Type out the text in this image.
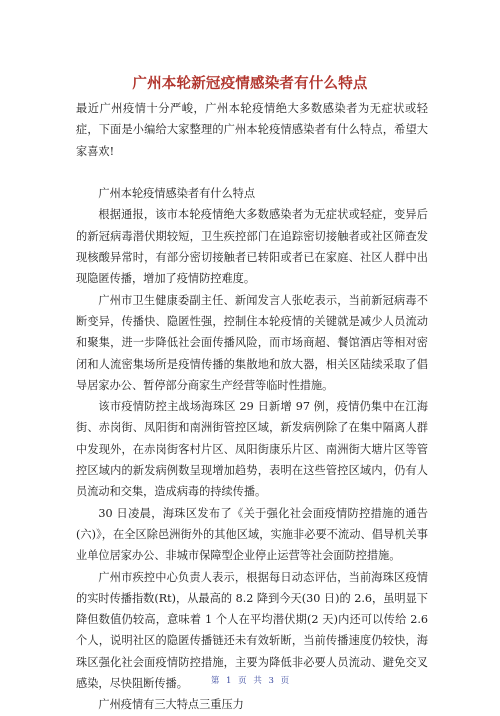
广州本轮新冠疫情感染者有什么特点

最近广州疫情十分严峻，广州本轮疫情绝大多数感染者为无症状或轻症，下面是小编给大家整理的广州本轮疫情感染者有什么特点，希望大家喜欢!

广州本轮疫情感染者有什么特点

根据通报，该市本轮疫情绝大多数感染者为无症状或轻症，变异后的新冠病毒潜伏期较短，卫生疾控部门在追踪密切接触者或社区筛查发现核酸异常时，有部分密切接触者已转阳或者已在家庭、社区人群中出现隐匿传播，增加了疫情防控难度。

广州市卫生健康委副主任、新闻发言人张屹表示，当前新冠病毒不断变异，传播快、隐匿性强，控制住本轮疫情的关键就是减少人员流动和聚集，进一步降低社会面传播风险，而市场商超、餐馆酒店等相对密闭和人流密集场所是疫情传播的集散地和放大器，相关区陆续采取了倡导居家办公、暂停部分商家生产经营等临时性措施。

该市疫情防控主战场海珠区 29 日新增 97 例，疫情仍集中在江海街、赤岗街、凤阳街和南洲街管控区域，新发病例除了在集中隔离人群中发现外，在赤岗街客村片区、凤阳街康乐片区、南洲街大塘片区等管控区域内的新发病例数呈现增加趋势，表明在这些管控区域内，仍有人员流动和交集，造成病毒的持续传播。

30 日凌晨，海珠区发布了《关于强化社会面疫情防控措施的通告(六)》，在全区除邑洲街外的其他区域，实施非必要不流动、倡导机关事业单位居家办公、非城市保障型企业停止运营等社会面防控措施。

广州市疾控中心负责人表示，根据每日动态评估，当前海珠区疫情的实时传播指数(Rt)，从最高的 8.2 降到今天(30 日)的 2.6，虽明显下降但数值仍较高，意味着 1 个人在平均潜伏期(2 天)内还可以传给 2.6 个人，说明社区的隐匿传播链还未有效斩断，当前传播速度仍较快，海珠区强化社会面疫情防控措施，主要为降低非必要人员流动、避免交叉感染，尽快阻断传播。

广州疫情有三大特点三重压力

第 1 页 共 3 页
